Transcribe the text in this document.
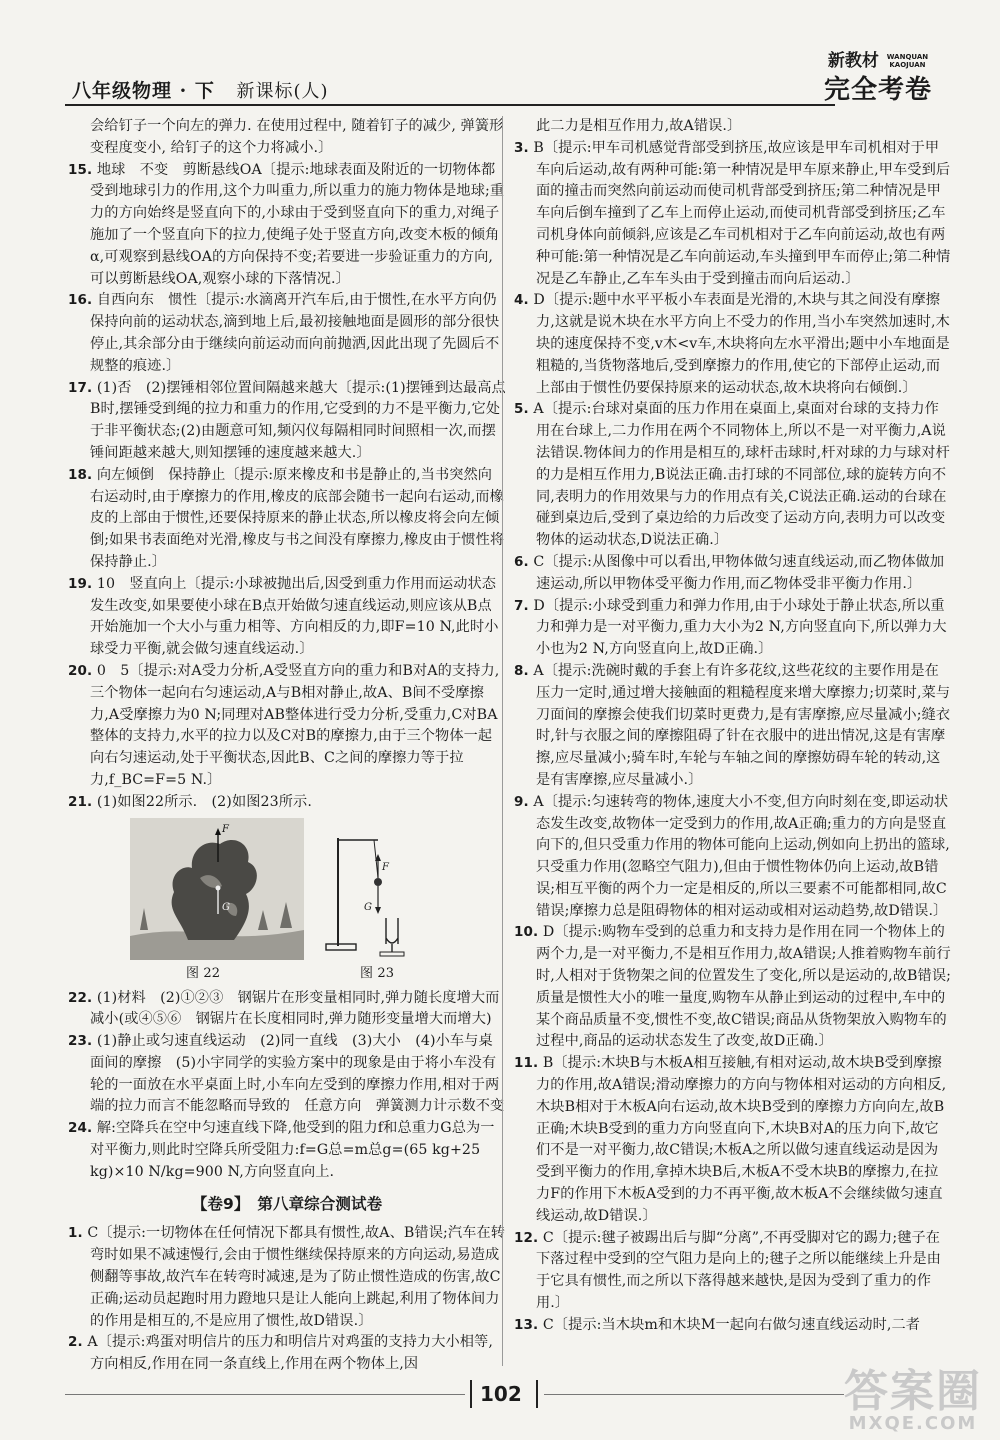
八年级物理 · 下 新课标(人)
新教材 WANQUAN
KAOJUAN
完全考卷

会给钉子一个向左的弹力. 在使用过程中, 随着钉子的减少, 弹簧形变程度变小, 给钉子的这个力将减小.〕

15. 地球　不变　剪断悬线OA〔提示:地球表面及附近的一切物体都受到地球引力的作用,这个力叫重力,所以重力的施力物体是地球;重力的方向始终是竖直向下的,小球由于受到竖直向下的重力,对绳子施加了一个竖直向下的拉力,使绳子处于竖直方向,改变木板的倾角α,可观察到悬线OA的方向保持不变;若要进一步验证重力的方向,可以剪断悬线OA,观察小球的下落情况.〕

16. 自西向东　惯性〔提示:水滴离开汽车后,由于惯性,在水平方向仍保持向前的运动状态,滴到地上后,最初接触地面是圆形的部分很快停止,其余部分由于继续向前运动而向前抛洒,因此出现了先圆后不规整的痕迹.〕

17. (1)否　(2)摆锤相邻位置间隔越来越大〔提示:(1)摆锤到达最高点B时,摆锤受到绳的拉力和重力的作用,它受到的力不是平衡力,它处于非平衡状态;(2)由题意可知,频闪仪每隔相同时间照相一次,而摆锤间距越来越大,则知摆锤的速度越来越大.〕

18. 向左倾倒　保持静止〔提示:原来橡皮和书是静止的,当书突然向右运动时,由于摩擦力的作用,橡皮的底部会随书一起向右运动,而橡皮的上部由于惯性,还要保持原来的静止状态,所以橡皮将会向左倾倒;如果书表面绝对光滑,橡皮与书之间没有摩擦力,橡皮由于惯性将保持静止.〕

19. 10　竖直向上〔提示:小球被抛出后,因受到重力作用而运动状态发生改变,如果要使小球在B点开始做匀速直线运动,则应该从B点开始施加一个大小与重力相等、方向相反的力,即F=10 N,此时小球受力平衡,就会做匀速直线运动.〕

20. 0　5〔提示:对A受力分析,A受竖直方向的重力和B对A的支持力,三个物体一起向右匀速运动,A与B相对静止,故A、B间不受摩擦力,A受摩擦力为0 N;同理对AB整体进行受力分析,受重力,C对BA整体的支持力,水平的拉力以及C对B的摩擦力,由于三个物体一起向右匀速运动,处于平衡状态,因此B、C之间的摩擦力等于拉力,f_BC=F=5 N.〕

21. (1)如图22所示.　(2)如图23所示.

F
G
F
G
图 22	图 23

22. (1)材料　(2)①②③　钢锯片在形变量相同时,弹力随长度增大而减小(或④⑤⑥　钢锯片在长度相同时,弹力随形变量增大而增大)

23. (1)静止或匀速直线运动　(2)同一直线　(3)大小　(4)小车与桌面间的摩擦　(5)小宇同学的实验方案中的现象是由于将小车没有轮的一面放在水平桌面上时,小车向左受到的摩擦力作用,相对于两端的拉力而言不能忽略而导致的　任意方向　弹簧测力计示数不变

24. 解:空降兵在空中匀速直线下降,他受到的阻力f和总重力G总为一对平衡力,则此时空降兵所受阻力:f=G总=m总g=(65 kg+25 kg)×10 N/kg=900 N,方向竖直向上.

【卷9】　第八章综合测试卷

1. C〔提示:一切物体在任何情况下都具有惯性,故A、B错误;汽车在转弯时如果不减速慢行,会由于惯性继续保持原来的方向运动,易造成侧翻等事故,故汽车在转弯时减速,是为了防止惯性造成的伤害,故C正确;运动员起跑时用力蹬地只是让人能向上跳起,利用了物体间力的作用是相互的,不是应用了惯性,故D错误.〕

2. A〔提示:鸡蛋对明信片的压力和明信片对鸡蛋的支持力大小相等,方向相反,作用在同一条直线上,作用在两个物体上,因

此二力是相互作用力,故A错误.〕

3. B〔提示:甲车司机感觉背部受到挤压,故应该是甲车司机相对于甲车向后运动,故有两种可能:第一种情况是甲车原来静止,甲车受到后面的撞击而突然向前运动而使司机背部受到挤压;第二种情况是甲车向后倒车撞到了乙车上而停止运动,而使司机背部受到挤压;乙车司机身体向前倾斜,应该是乙车司机相对于乙车向前运动,故也有两种可能:第一种情况是乙车向前运动,车头撞到甲车而停止;第二种情况是乙车静止,乙车车头由于受到撞击而向后运动.〕

4. D〔提示:题中水平平板小车表面是光滑的,木块与其之间没有摩擦力,这就是说木块在水平方向上不受力的作用,当小车突然加速时,木块的速度保持不变,v木<v车,木块将向左水平滑出;题中小车地面是粗糙的,当货物落地后,受到摩擦力的作用,使它的下部停止运动,而上部由于惯性仍要保持原来的运动状态,故木块将向右倾倒.〕

5. A〔提示:台球对桌面的压力作用在桌面上,桌面对台球的支持力作用在台球上,二力作用在两个不同物体上,所以不是一对平衡力,A说法错误.物体间力的作用是相互的,球杆击球时,杆对球的力与球对杆的力是相互作用力,B说法正确.击打球的不同部位,球的旋转方向不同,表明力的作用效果与力的作用点有关,C说法正确.运动的台球在碰到桌边后,受到了桌边给的力后改变了运动方向,表明力可以改变物体的运动状态,D说法正确.〕

6. C〔提示:从图像中可以看出,甲物体做匀速直线运动,而乙物体做加速运动,所以甲物体受平衡力作用,而乙物体受非平衡力作用.〕

7. D〔提示:小球受到重力和弹力作用,由于小球处于静止状态,所以重力和弹力是一对平衡力,重力大小为2 N,方向竖直向下,所以弹力大小也为2 N,方向竖直向上,故D正确.〕

8. A〔提示:洗碗时戴的手套上有许多花纹,这些花纹的主要作用是在压力一定时,通过增大接触面的粗糙程度来增大摩擦力;切菜时,菜与刀面间的摩擦会使我们切菜时更费力,是有害摩擦,应尽量减小;缝衣时,针与衣服之间的摩擦阻碍了针在衣服中的进出情况,这是有害摩擦,应尽量减小;骑车时,车轮与车轴之间的摩擦妨碍车轮的转动,这是有害摩擦,应尽量减小.〕

9. A〔提示:匀速转弯的物体,速度大小不变,但方向时刻在变,即运动状态发生改变,故物体一定受到力的作用,故A正确;重力的方向是竖直向下的,但只受重力作用的物体可能向上运动,例如向上扔出的篮球,只受重力作用(忽略空气阻力),但由于惯性物体仍向上运动,故B错误;相互平衡的两个力一定是相反的,所以三要素不可能都相同,故C错误;摩擦力总是阻碍物体的相对运动或相对运动趋势,故D错误.〕

10. D〔提示:购物车受到的总重力和支持力是作用在同一个物体上的两个力,是一对平衡力,不是相互作用力,故A错误;人推着购物车前行时,人相对于货物架之间的位置发生了变化,所以是运动的,故B错误;质量是惯性大小的唯一量度,购物车从静止到运动的过程中,车中的某个商品质量不变,惯性不变,故C错误;商品从货物架放入购物车的过程中,商品的运动状态发生了改变,故D正确.〕

11. B〔提示:木块B与木板A相互接触,有相对运动,故木块B受到摩擦力的作用,故A错误;滑动摩擦力的方向与物体相对运动的方向相反,木块B相对于木板A向右运动,故木块B受到的摩擦力方向向左,故B正确;木块B受到的重力方向竖直向下,木块B对A的压力向下,故它们不是一对平衡力,故C错误;木板A之所以做匀速直线运动是因为受到平衡力的作用,拿掉木块B后,木板A不受木块B的摩擦力,在拉力F的作用下木板A受到的力不再平衡,故木板A不会继续做匀速直线运动,故D错误.〕

12. C〔提示:毽子被踢出后与脚“分离”,不再受脚对它的踢力;毽子在下落过程中受到的空气阻力是向上的;毽子之所以能继续上升是由于它具有惯性,而之所以下落得越来越快,是因为受到了重力的作用.〕

13. C〔提示:当木块m和木块M一起向右做匀速直线运动时,二者

102	答案圈
MXQE.COM
